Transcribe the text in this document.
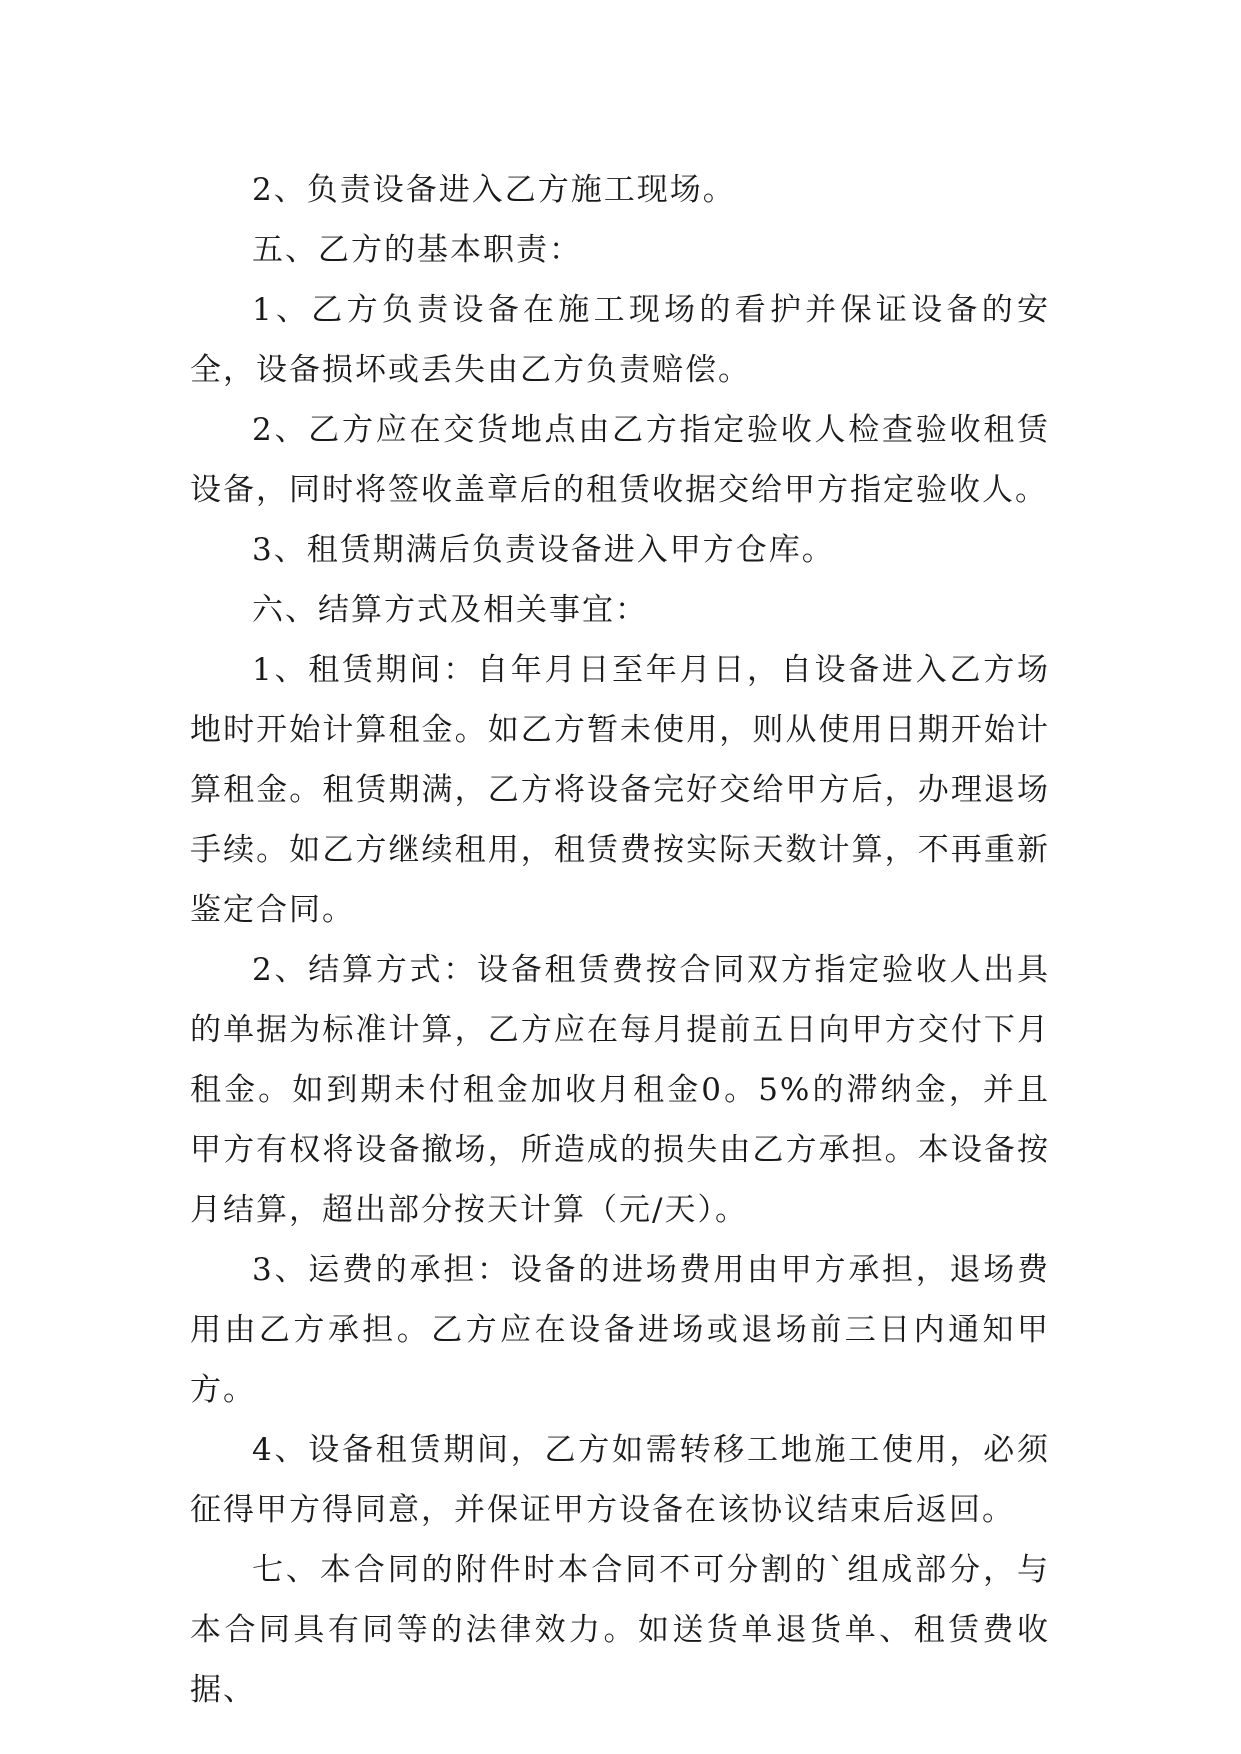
2、负责设备进入乙方施工现场。

五、乙方的基本职责：

1、乙方负责设备在施工现场的看护并保证设备的安全，设备损坏或丢失由乙方负责赔偿。

2、乙方应在交货地点由乙方指定验收人检查验收租赁设备，同时将签收盖章后的租赁收据交给甲方指定验收人。

3、租赁期满后负责设备进入甲方仓库。

六、结算方式及相关事宜：

1、租赁期间：自年月日至年月日，自设备进入乙方场地时开始计算租金。如乙方暂未使用，则从使用日期开始计算租金。租赁期满，乙方将设备完好交给甲方后，办理退场手续。如乙方继续租用，租赁费按实际天数计算，不再重新鉴定合同。

2、结算方式：设备租赁费按合同双方指定验收人出具的单据为标准计算，乙方应在每月提前五日向甲方交付下月租金。如到期未付租金加收月租金0。5%的滞纳金，并且甲方有权将设备撤场，所造成的损失由乙方承担。本设备按月结算，超出部分按天计算（元/天）。

3、运费的承担：设备的进场费用由甲方承担，退场费用由乙方承担。乙方应在设备进场或退场前三日内通知甲方。

4、设备租赁期间，乙方如需转移工地施工使用，必须征得甲方得同意，并保证甲方设备在该协议结束后返回。

七、本合同的附件时本合同不可分割的`组成部分，与本合同具有同等的法律效力。如送货单退货单、租赁费收据、
